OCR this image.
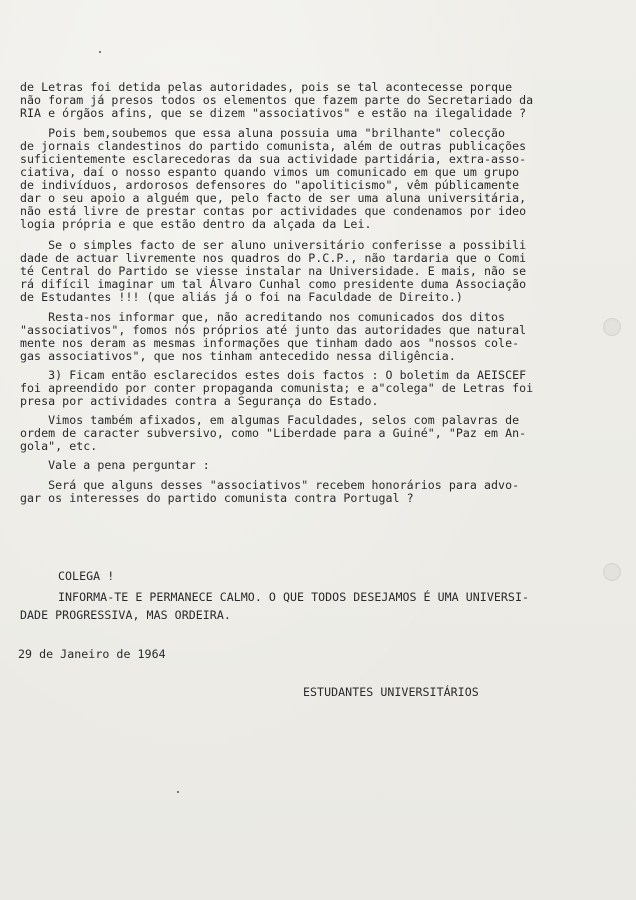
de Letras foi detida pelas autoridades, pois se tal acontecesse porque
não foram já presos todos os elementos que fazem parte do Secretariado da
RIA e órgãos afins, que se dizem "associativos" e estão na ilegalidade ?
Pois bem,soubemos que essa aluna possuia uma "brilhante" colecção
de jornais clandestinos do partido comunista, além de outras publicações
suficientemente esclarecedoras da sua actividade partidária, extra-asso-
ciativa, daí o nosso espanto quando vimos um comunicado em que um grupo
de indivíduos, ardorosos defensores do "apoliticismo", vêm públicamente
dar o seu apoio a alguém que, pelo facto de ser uma aluna universitária,
não está livre de prestar contas por actividades que condenamos por ideo
logia própria e que estão dentro da alçada da Lei.
Se o simples facto de ser aluno universitário conferisse a possibili
dade de actuar livremente nos quadros do P.C.P., não tardaria que o Comi
té Central do Partido se viesse instalar na Universidade. E mais, não se
rá difícil imaginar um tal Álvaro Cunhal como presidente duma Associação
de Estudantes !!! (que aliás já o foi na Faculdade de Direito.)
Resta-nos informar que, não acreditando nos comunicados dos ditos
"associativos", fomos nós próprios até junto das autoridades que natural
mente nos deram as mesmas informações que tinham dado aos "nossos cole-
gas associativos", que nos tinham antecedido nessa diligência.
3) Ficam então esclarecidos estes dois factos : O boletim da AEISCEF
foi apreendido por conter propaganda comunista; e a"colega" de Letras foi
presa por actividades contra a Segurança do Estado.
Vimos também afixados, em algumas Faculdades, selos com palavras de
ordem de caracter subversivo, como "Liberdade para a Guiné", "Paz em An-
gola", etc.
Vale a pena perguntar :
Será que alguns desses "associativos" recebem honorários para advo-
gar os interesses do partido comunista contra Portugal ?
COLEGA !
INFORMA-TE E PERMANECE CALMO. O QUE TODOS DESEJAMOS É UMA UNIVERSI-
DADE PROGRESSIVA, MAS ORDEIRA.
29 de Janeiro de 1964
ESTUDANTES UNIVERSITÁRIOS
